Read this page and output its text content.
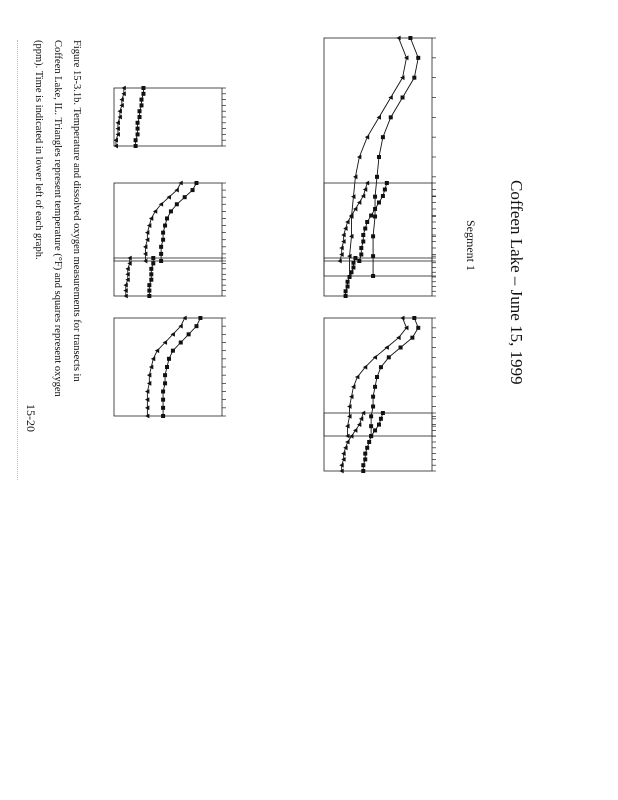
Coffeen Lake – June 15, 1999
Segment 1
Figure 15-3.1b. Temperature and dissolved oxygen measurements for transects in Coffeen Lake, IL. Triangles represent temperature (°F) and squares represent oxygen (ppm). Time is indicated in lower left of each graph.
15-20
